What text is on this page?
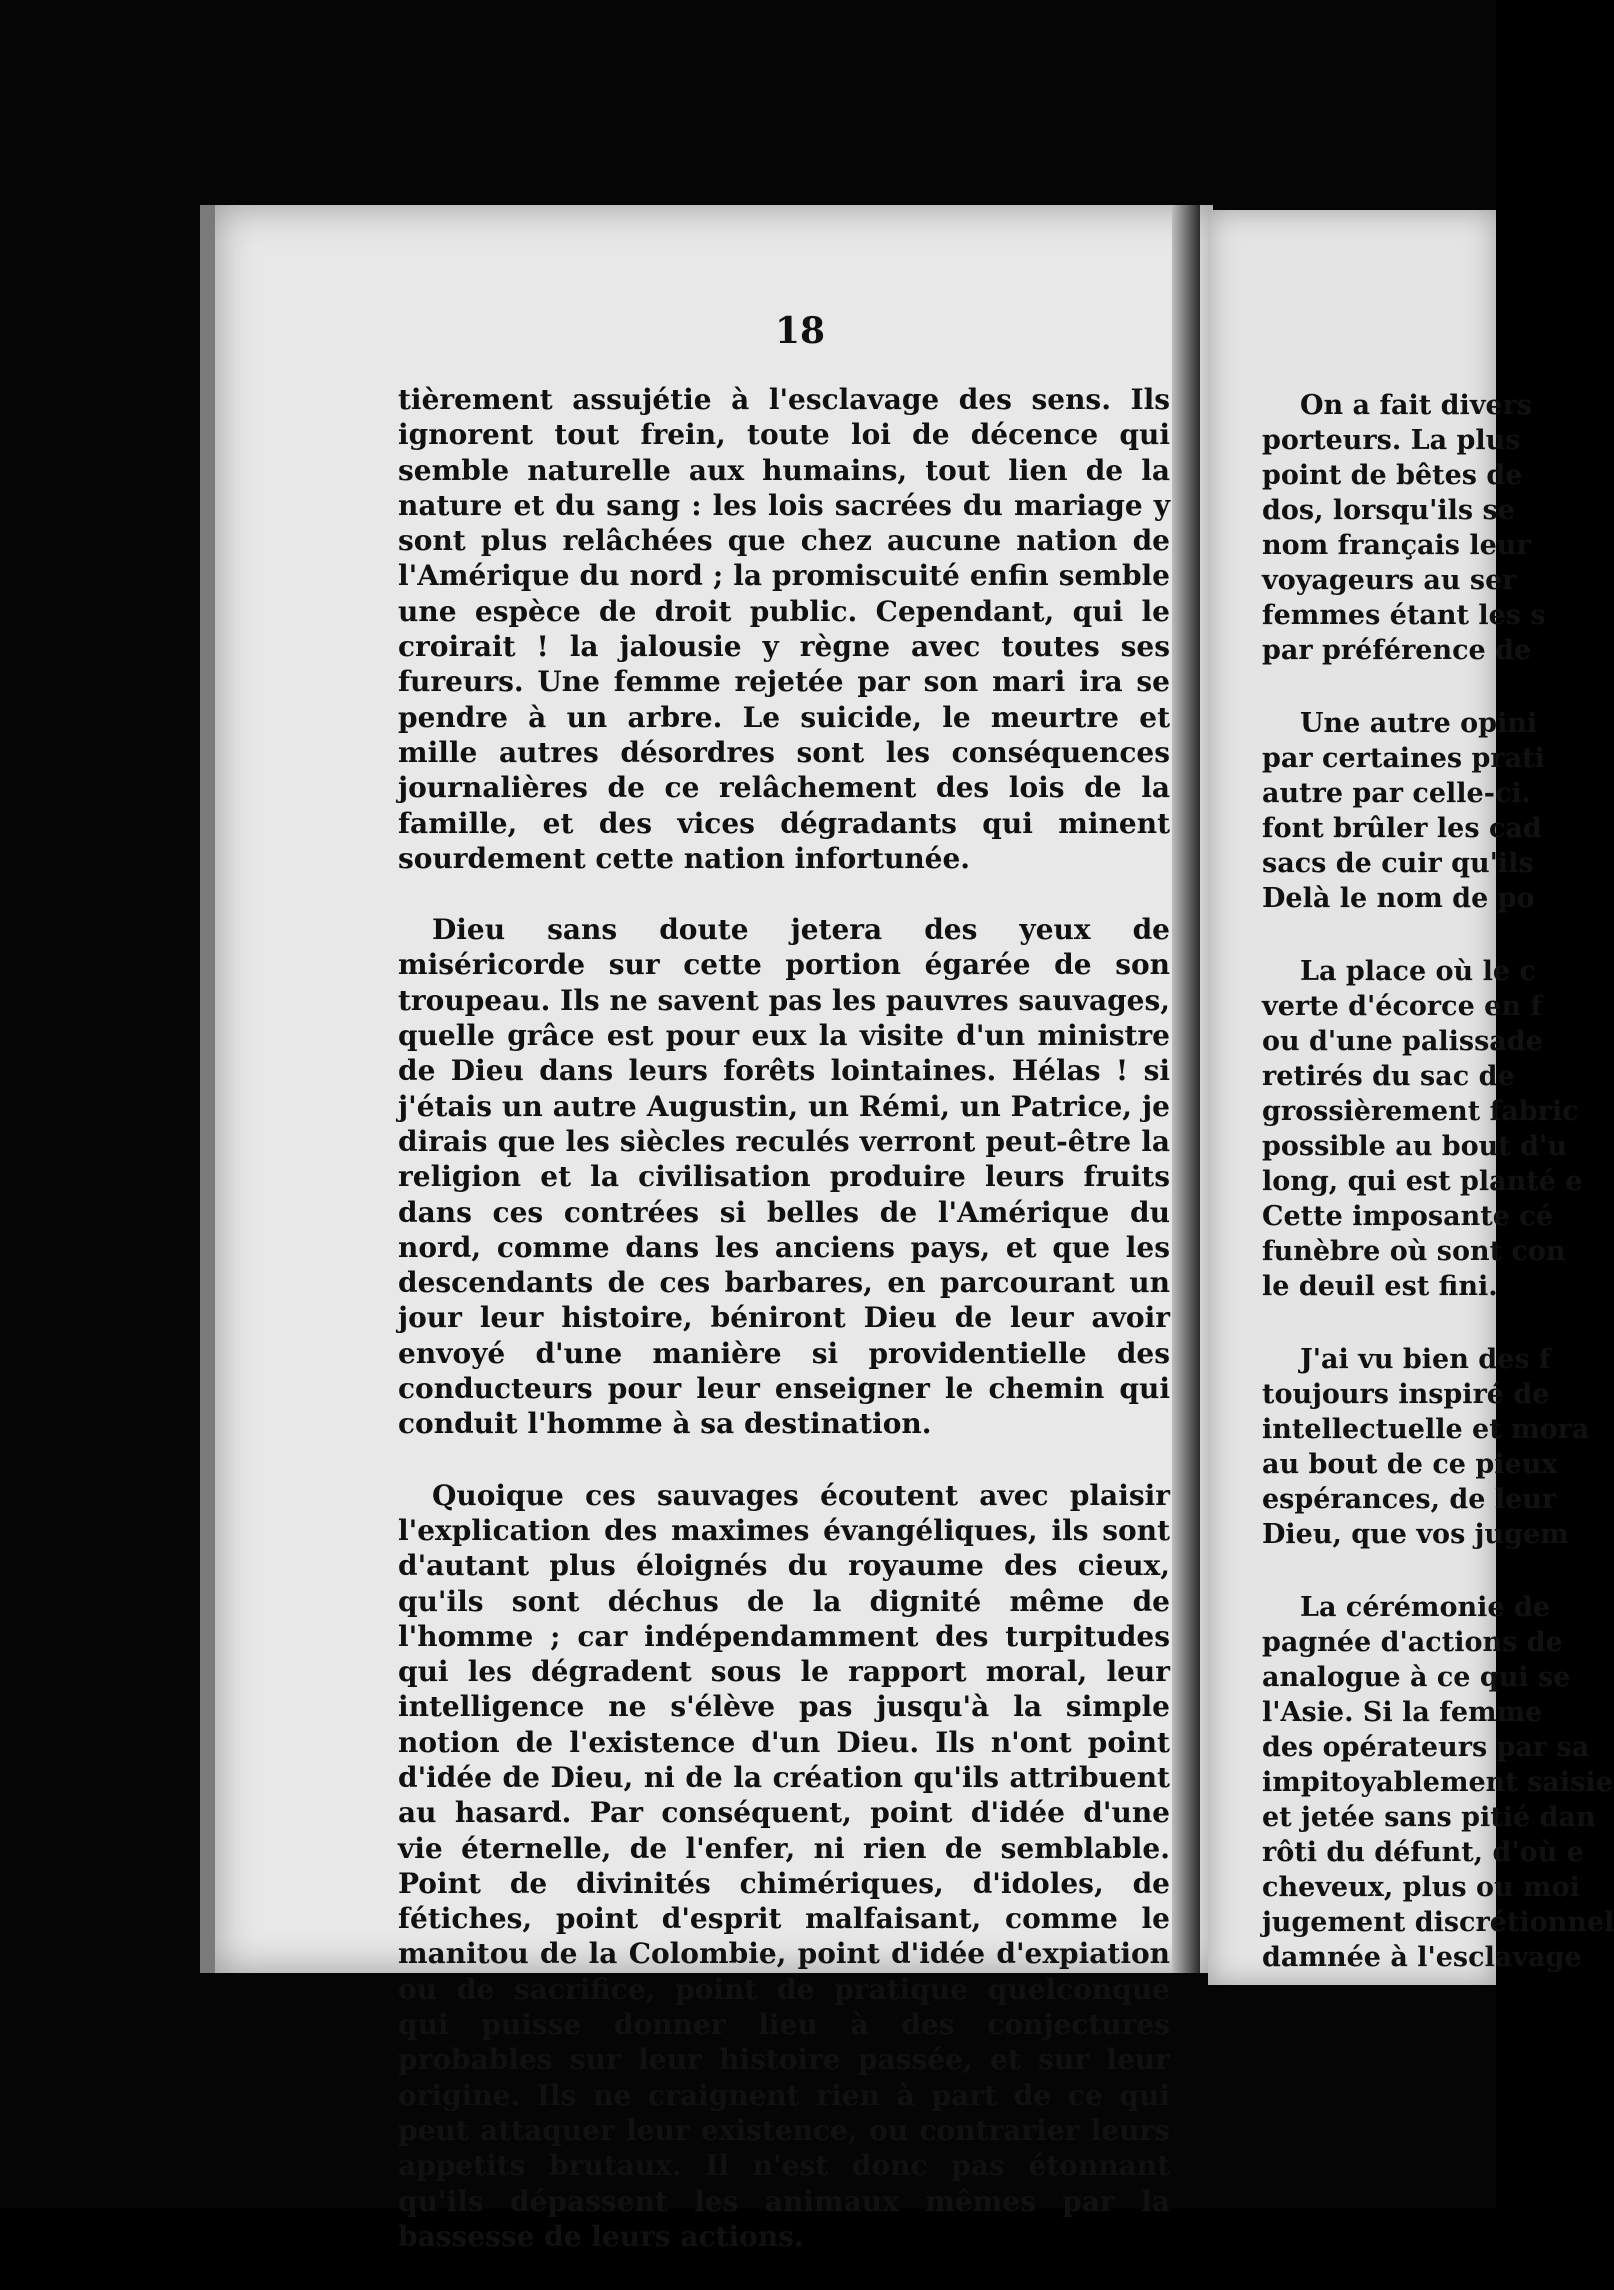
18

tièrement assujétie à l'esclavage des sens. Ils ignorent tout frein, toute loi de décence qui semble naturelle aux humains, tout lien de la nature et du sang : les lois sacrées du mariage y sont plus relâchées que chez aucune nation de l'Amérique du nord ; la promiscuité enfin semble une espèce de droit public. Cependant, qui le croirait ! la jalousie y règne avec toutes ses fureurs. Une femme rejetée par son mari ira se pendre à un arbre. Le suicide, le meurtre et mille autres désordres sont les conséquences journalières de ce relâchement des lois de la famille, et des vices dégradants qui minent sourdement cette nation infortunée.

Dieu sans doute jetera des yeux de miséricorde sur cette portion égarée de son troupeau. Ils ne savent pas les pauvres sauvages, quelle grâce est pour eux la visite d'un ministre de Dieu dans leurs forêts lointaines. Hélas ! si j'étais un autre Augustin, un Rémi, un Patrice, je dirais que les siècles reculés verront peut-être la religion et la civilisation produire leurs fruits dans ces contrées si belles de l'Amérique du nord, comme dans les anciens pays, et que les descendants de ces barbares, en parcourant un jour leur histoire, béniront Dieu de leur avoir envoyé d'une manière si providentielle des conducteurs pour leur enseigner le chemin qui conduit l'homme à sa destination.

Quoique ces sauvages écoutent avec plaisir l'explication des maximes évangéliques, ils sont d'autant plus éloignés du royaume des cieux, qu'ils sont déchus de la dignité même de l'homme ; car indépendamment des turpitudes qui les dégradent sous le rapport moral, leur intelligence ne s'élève pas jusqu'à la simple notion de l'existence d'un Dieu. Ils n'ont point d'idée de Dieu, ni de la création qu'ils attribuent au hasard. Par conséquent, point d'idée d'une vie éternelle, de l'enfer, ni rien de semblable. Point de divinités chimériques, d'idoles, de fétiches, point d'esprit malfaisant, comme le manitou de la Colombie, point d'idée d'expiation ou de sacrifice, point de pratique quelconque qui puisse donner lieu à des conjectures probables sur leur histoire passée, et sur leur origine. Ils ne craignent rien à part de ce qui peut attaquer leur existence, ou contrarier leurs appetits brutaux. Il n'est donc pas étonnant qu'ils dépassent les animaux mêmes par la bassesse de leurs actions.

On a fait divers
porteurs. La plus
point de bêtes de
dos, lorsqu'ils se
nom français leur
voyageurs au ser
femmes étant les s
par préférence de
Une autre opini
par certaines prati
autre par celle-ci.
font brûler les cad
sacs de cuir qu'ils
Delà le nom de po
La place où le c
verte d'écorce en f
ou d'une palissade
retirés du sac de
grossièrement fabric
possible au bout d'u
long, qui est planté e
Cette imposante cé
funèbre où sont con
le deuil est fini.
J'ai vu bien des f
toujours inspiré de
intellectuelle et mora
au bout de ce pieux
espérances, de leur
Dieu, que vos jugem
La cérémonie de
pagnée d'actions de
analogue à ce qui se
l'Asie. Si la femme
des opérateurs par sa
impitoyablement saisie
et jetée sans pitié dan
rôti du défunt, d'où e
cheveux, plus ou moi
jugement discrétionnel
damnée à l'esclavage
